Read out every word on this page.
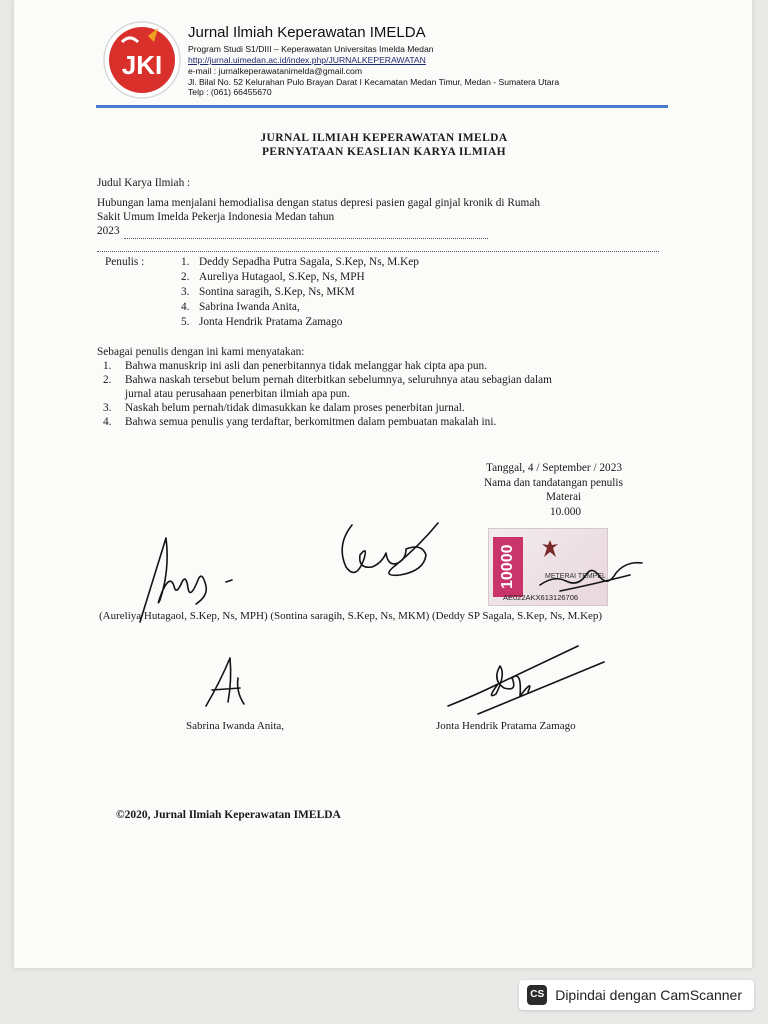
JKI
Jurnal Ilmiah Keperawatan IMELDA
Program Studi S1/DIII – Keperawatan Universitas Imelda Medan
http://jurnal.uimedan.ac.id/index.php/JURNALKEPERAWATAN
e-mail : jurnalkeperawatanimelda@gmail.com
Jl. Bilal No. 52 Kelurahan Pulo Brayan Darat I Kecamatan Medan Timur, Medan - Sumatera Utara
Telp : (061) 66455670
JURNAL ILMIAH KEPERAWATAN IMELDA
PERNYATAAN KEASLIAN KARYA ILMIAH
Judul Karya Ilmiah :
Hubungan lama menjalani hemodialisa dengan status depresi pasien gagal ginjal kronik di Rumah
Sakit Umum Imelda Pekerja Indonesia Medan tahun
2023
Penulis :	1. Deddy Sepadha Putra Sagala, S.Kep, Ns, M.Kep
2. Aureliya Hutagaol, S.Kep, Ns, MPH
3. Sontina saragih, S.Kep, Ns, MKM
4. Sabrina Iwanda Anita,
5. Jonta Hendrik Pratama Zamago
Sebagai penulis dengan ini kami menyatakan:
1. Bahwa manuskrip ini asli dan penerbitannya tidak melanggar hak cipta apa pun.
2. Bahwa naskah tersebut belum pernah diterbitkan sebelumnya, seluruhnya atau sebagian dalam
jurnal atau perusahaan penerbitan ilmiah apa pun.
3. Naskah belum pernah/tidak dimasukkan ke dalam proses penerbitan jurnal.
4. Bahwa semua penulis yang terdaftar, berkomitmen dalam pembuatan makalah ini.
Tanggal, 4 / September / 2023
Nama dan tandatangan penulis
Materai
10.000
10000	METERAI TEMPEL
AE022AKX613126706
(Aureliya Hutagaol, S.Kep, Ns, MPH) (Sontina saragih, S.Kep, Ns, MKM) (Deddy SP Sagala, S.Kep, Ns, M.Kep)
Sabrina Iwanda Anita,	Jonta Hendrik Pratama Zamago
©2020, Jurnal Ilmiah Keperawatan IMELDA
CS Dipindai dengan CamScanner
